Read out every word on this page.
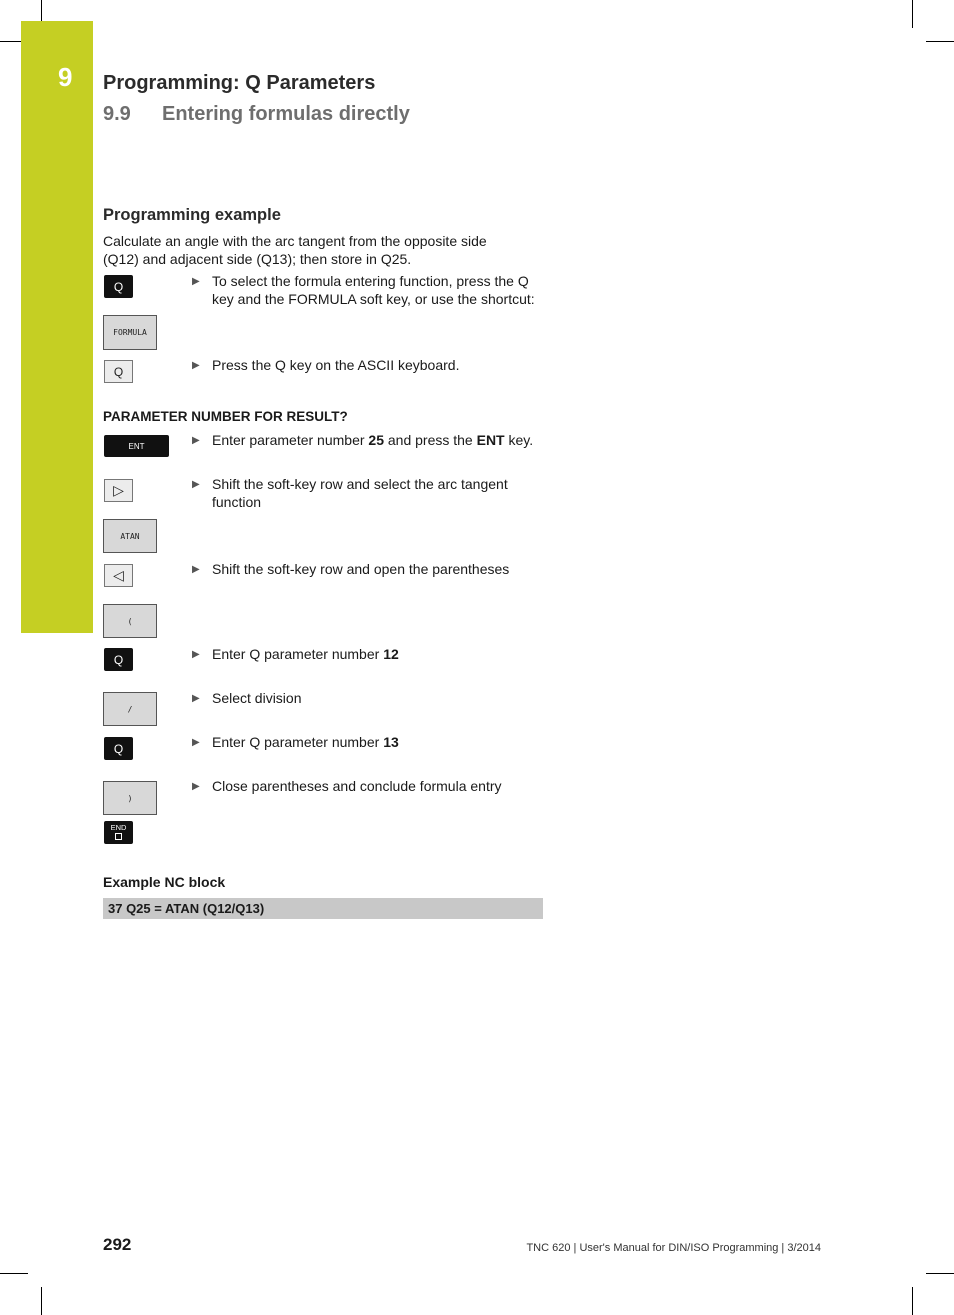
9 Programming: Q Parameters
9.9 Entering formulas directly
Programming example
Calculate an angle with the arc tangent from the opposite side (Q12) and adjacent side (Q13); then store in Q25.
Q	▶ To select the formula entering function, press the Q key and the FORMULA soft key, or use the shortcut:
FORMULA
Q	▶ Press the Q key on the ASCII keyboard.
PARAMETER NUMBER FOR RESULT?
ENT	▶ Enter parameter number 25 and press the ENT key.
▷	▶ Shift the soft-key row and select the arc tangent function
ATAN
◁	▶ Shift the soft-key row and open the parentheses
(
Q	▶ Enter Q parameter number 12
/
▶ Select division
Q	▶ Enter Q parameter number 13
)
▶ Close parentheses and conclude formula entry
END
Example NC block
37 Q25 = ATAN (Q12/Q13)
292	TNC 620 | User's Manual for DIN/ISO Programming | 3/2014
